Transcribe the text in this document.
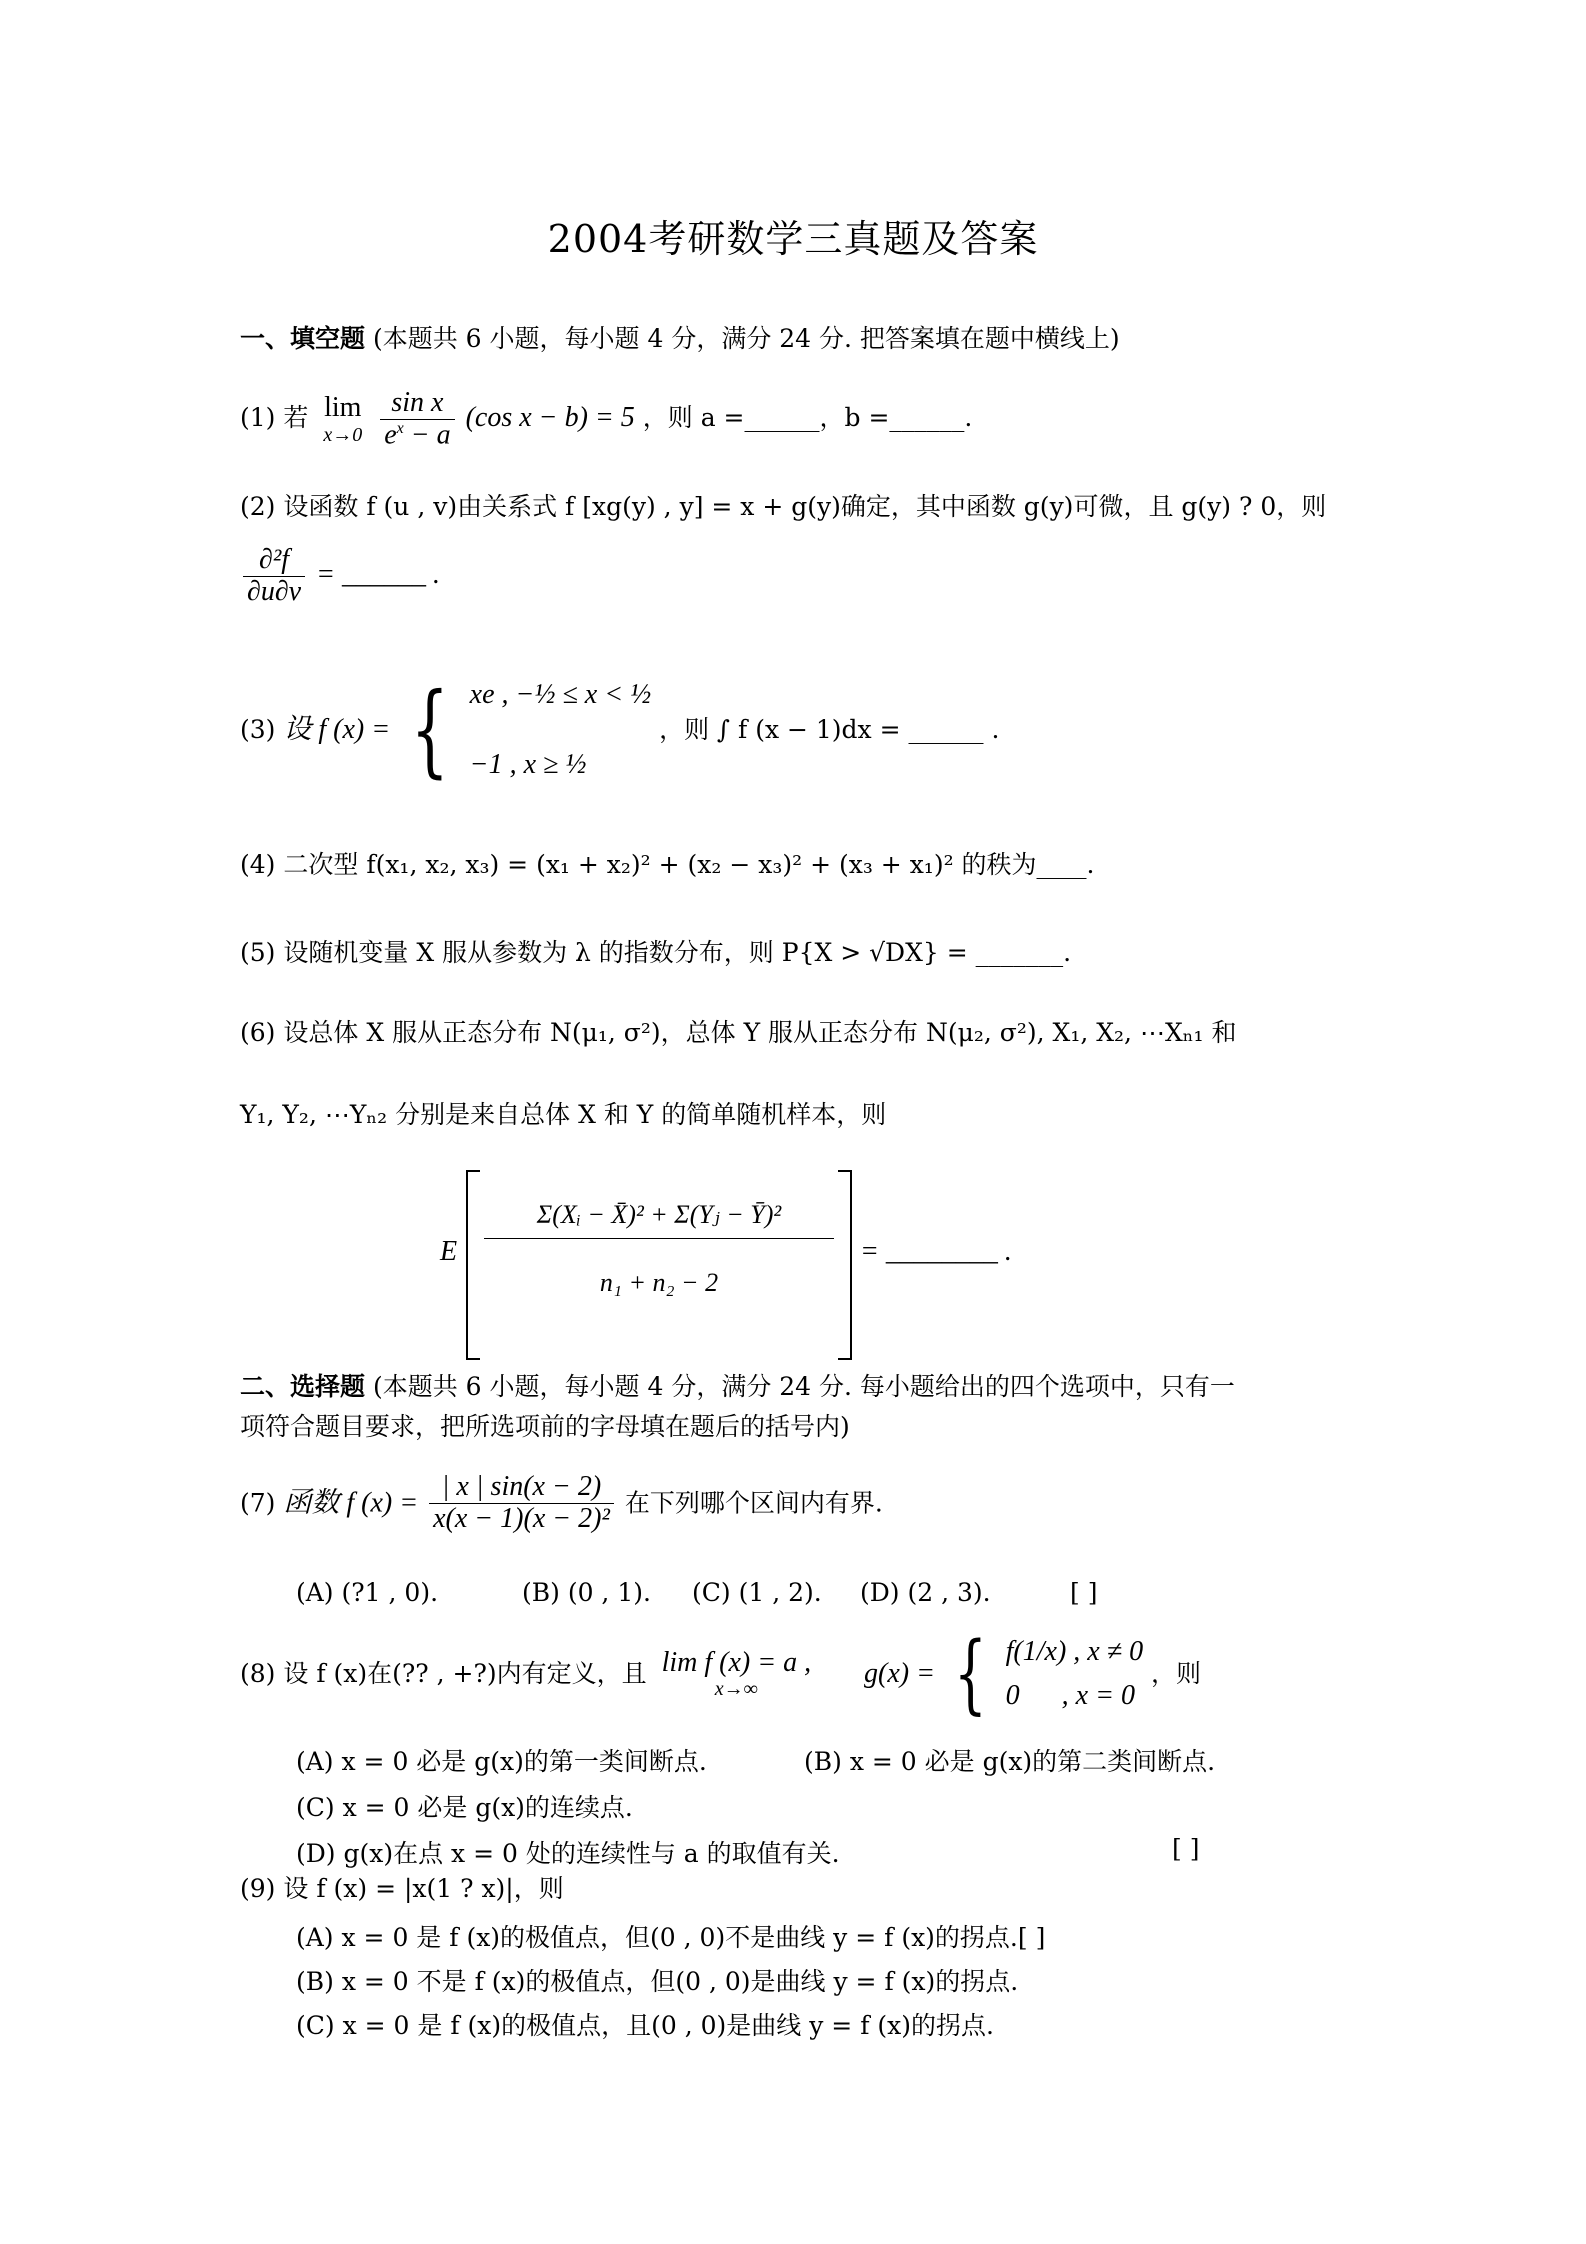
2004考研数学三真题及答案
一、填空题 (本题共 6 小题，每小题 4 分，满分 24 分. 把答案填在题中横线上)
(1) 若 lim
x→0
$\frac{\text{sin x}}{e^x - a} (\cos$ x − b) = 5 ，则 a =______，b =______.
(2) 设函数 f (u , v)由关系式 f [xg(y) , y] = x + g(y)确定，其中函数 g(y)可微，且 g(y) ? 0，则
$\frac{\text{∂²f}}{\partial u\partial v}$ = ______ .
(3) 设 f (x) = { xe , −½ ≤ x < ½
−1 , x ≥ ½
，则 ∫ f (x − 1)dx = ______ .
(4) 二次型 f(x₁, x₂, x₃) = (x₁ + x₂)² + (x₂ − x₃)² + (x₃ + x₁)² 的秩为____.
(5) 设随机变量 X 服从参数为 λ 的指数分布，则 P{X > √DX} = _______.
(6) 设总体 X 服从正态分布 N(μ₁, σ²)，总体 Y 服从正态分布 N(μ₂, σ²), X₁, X₂, ⋯Xₙ₁ 和
Y₁, Y₂, ⋯Yₙ₂ 分别是来自总体 X 和 Y 的简单随机样本，则
E
Σ(Xᵢ − X̄)² + Σ(Yⱼ − Ȳ)²
n₁ + n₂ − 2
= ________ .
二、选择题 (本题共 6 小题，每小题 4 分，满分 24 分. 每小题给出的四个选项中，只有一
项符合题目要求，把所选项前的字母填在题后的括号内)
(7) 函数 f $(x) = \frac{| x | \sin(x - 2)}{\text{x(x − 1)(x − 2)²}}$ 在下列哪个区间内有界.
(A) (?1 , 0).	(B) (0 , 1). (C) (1 , 2). (D) (2 , 3).	[ ]
(8) 设 f (x)在(?? , +?)内有定义，且 lim f (x) = a ,
x→∞
g(x) = { f(1/x) , x ≠ 0
0      , x = 0
，则
(A) x = 0 必是 g(x)的第一类间断点.	(B) x = 0 必是 g(x)的第二类间断点.
(C) x = 0 必是 g(x)的连续点.
(D) g(x)在点 x = 0 处的连续性与 a 的取值有关.	[ ]
(9) 设 f (x) = |x(1 ? x)|，则
(A) x = 0 是 f (x)的极值点，但(0 , 0)不是曲线 y = f (x)的拐点.[ ]
(B) x = 0 不是 f (x)的极值点，但(0 , 0)是曲线 y = f (x)的拐点.
(C) x = 0 是 f (x)的极值点，且(0 , 0)是曲线 y = f (x)的拐点.
